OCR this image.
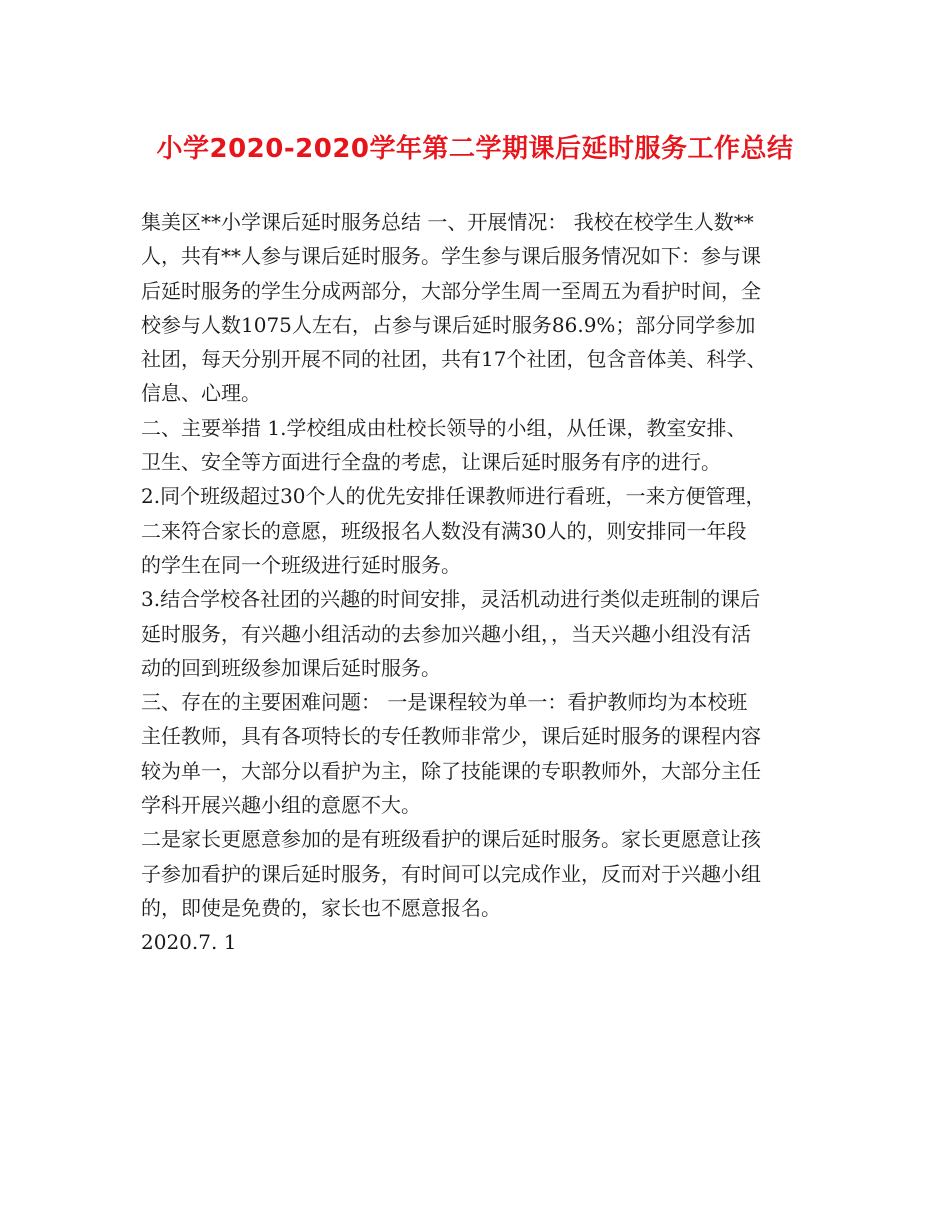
小学2020-2020学年第二学期课后延时服务工作总结
集美区**小学课后延时服务总结 一、开展情况： 我校在校学生人数**
人，共有**人参与课后延时服务。学生参与课后服务情况如下：参与课
后延时服务的学生分成两部分，大部分学生周一至周五为看护时间，全
校参与人数1075人左右，占参与课后延时服务86.9%；部分同学参加
社团，每天分别开展不同的社团，共有17个社团，包含音体美、科学、
信息、心理。
二、主要举措 1.学校组成由杜校长领导的小组，从任课，教室安排、
卫生、安全等方面进行全盘的考虑，让课后延时服务有序的进行。
2.同个班级超过30个人的优先安排任课教师进行看班，一来方便管理，
二来符合家长的意愿，班级报名人数没有满30人的，则安排同一年段
的学生在同一个班级进行延时服务。
3.结合学校各社团的兴趣的时间安排，灵活机动进行类似走班制的课后
延时服务，有兴趣小组活动的去参加兴趣小组，，当天兴趣小组没有活
动的回到班级参加课后延时服务。
三、存在的主要困难问题： 一是课程较为单一：看护教师均为本校班
主任教师，具有各项特长的专任教师非常少，课后延时服务的课程内容
较为单一，大部分以看护为主，除了技能课的专职教师外，大部分主任
学科开展兴趣小组的意愿不大。
二是家长更愿意参加的是有班级看护的课后延时服务。家长更愿意让孩
子参加看护的课后延时服务，有时间可以完成作业，反而对于兴趣小组
的，即使是免费的，家长也不愿意报名。
2020.7. 1
